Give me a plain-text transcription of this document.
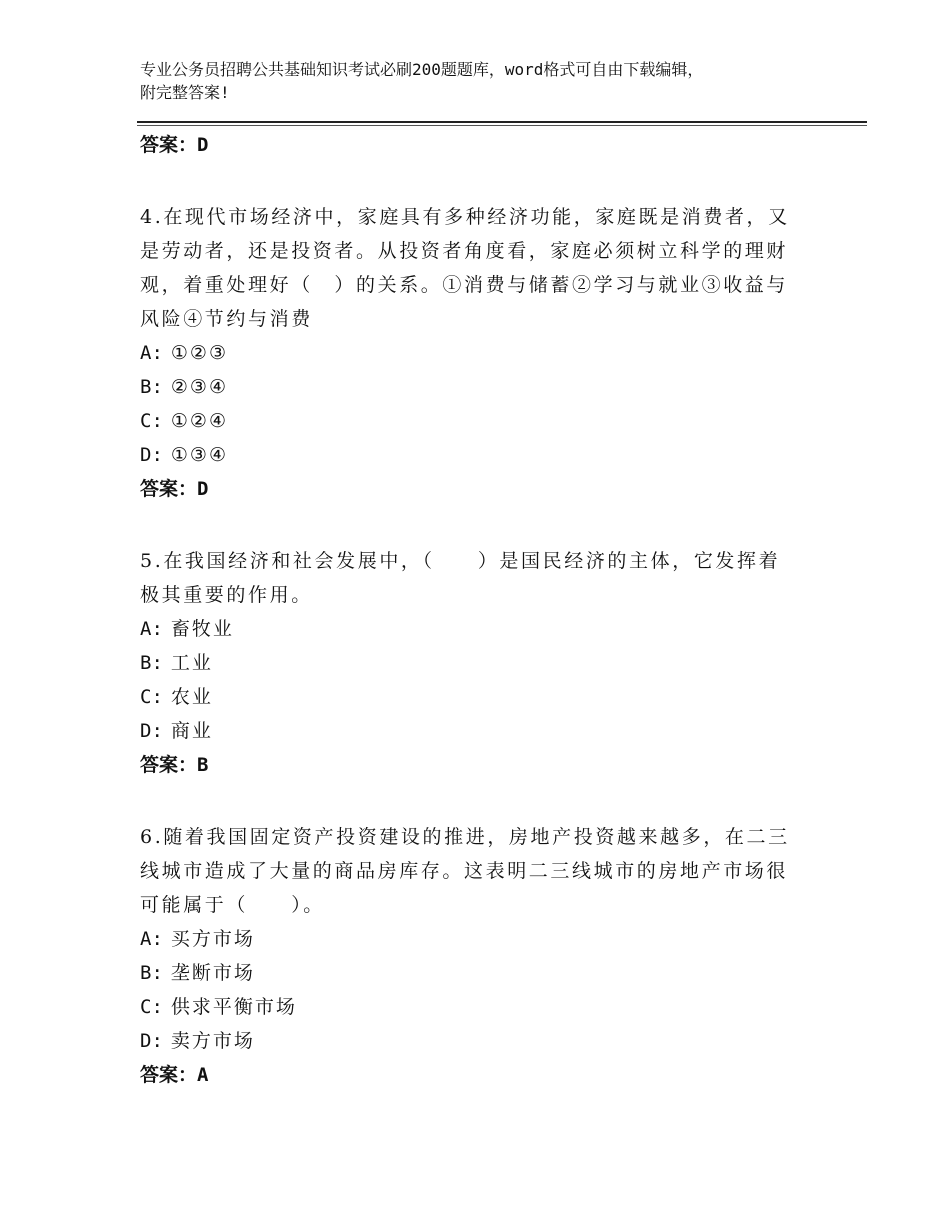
专业公务员招聘公共基础知识考试必刷200题题库，word格式可自由下载编辑，
附完整答案!

答案：D

4.在现代市场经济中，家庭具有多种经济功能，家庭既是消费者，又是劳动者，还是投资者。从投资者角度看，家庭必须树立科学的理财观，着重处理好（　）的关系。①消费与储蓄②学习与就业③收益与风险④节约与消费

A: ①②③
B: ②③④
C: ①②④
D: ①③④

答案：D

5.在我国经济和社会发展中，（　　）是国民经济的主体，它发挥着极其重要的作用。

A: 畜牧业
B: 工业
C: 农业
D: 商业

答案：B

6.随着我国固定资产投资建设的推进，房地产投资越来越多，在二三线城市造成了大量的商品房库存。这表明二三线城市的房地产市场很可能属于（　　）。

A: 买方市场
B: 垄断市场
C: 供求平衡市场
D: 卖方市场

答案：A
